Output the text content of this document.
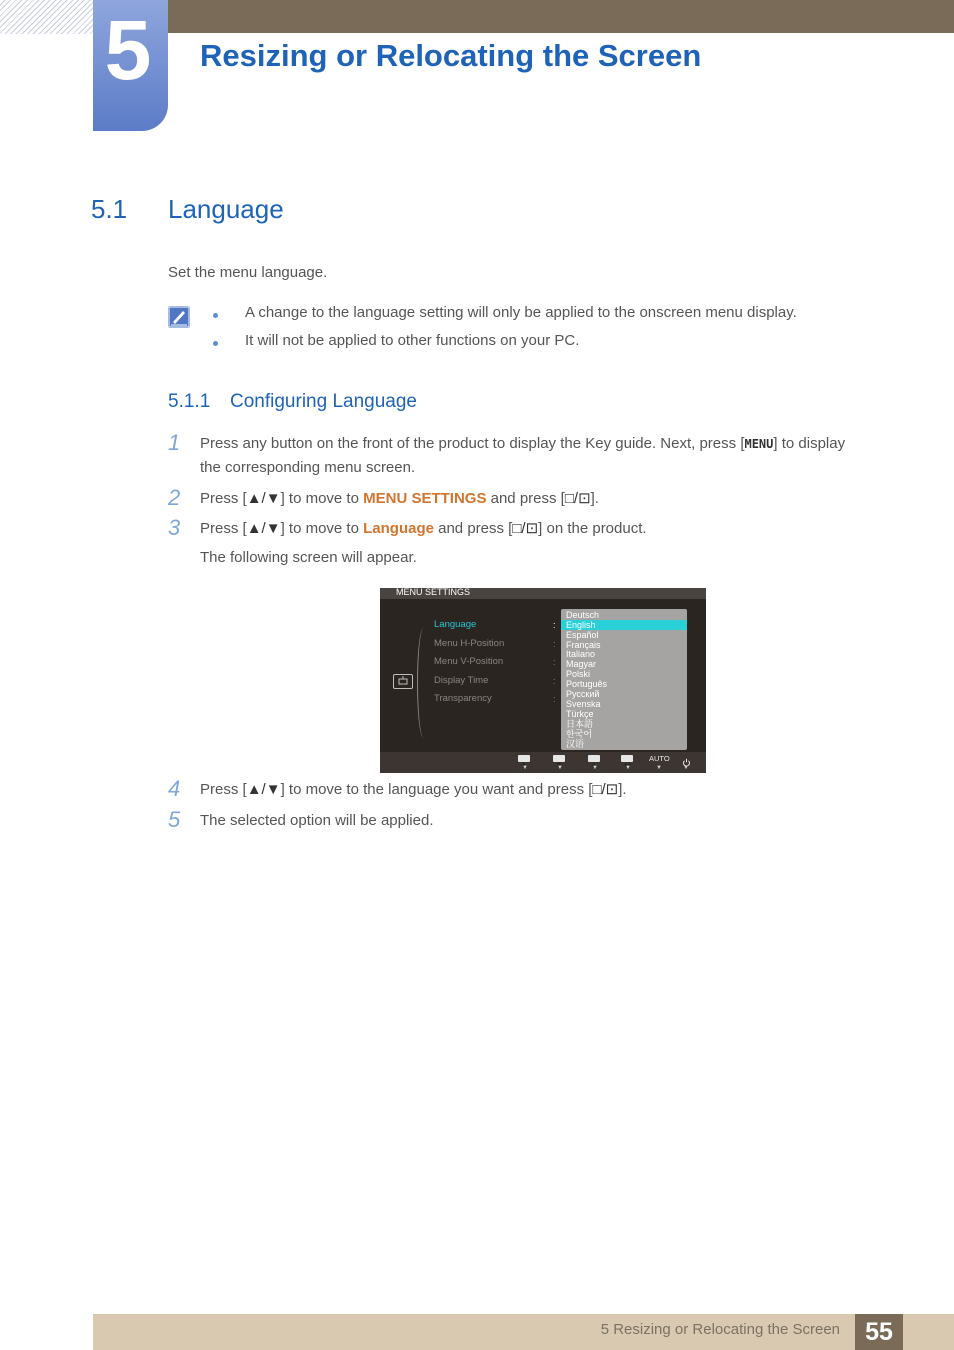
5	Resizing or Relocating the Screen
5.1 Language
Set the menu language.
A change to the language setting will only be applied to the onscreen menu display.
It will not be applied to other functions on your PC.
5.1.1 Configuring Language
1 Press any button on the front of the product to display the Key guide. Next, press [MENU] to display
the corresponding menu screen.
2 Press [▲/▼] to move to MENU SETTINGS and press [□/⊡].
3 Press [▲/▼] to move to Language and press [□/⊡] on the product.
The following screen will appear.
MENU SETTINGS
Language
Menu H-Position
Menu V-Position
Display Time
Transparency
:
:
:
:
:
Deutsch
English
Español
Français
Italiano
Magyar
Polski
Português
Русский
Svenska
Türkçe
日本語
한국어
汉语
AUTO
▼	▼	▼	▼	▼	▼
4 Press [▲/▼] to move to the language you want and press [□/⊡].
5 The selected option will be applied.
5 Resizing or Relocating the Screen	55
